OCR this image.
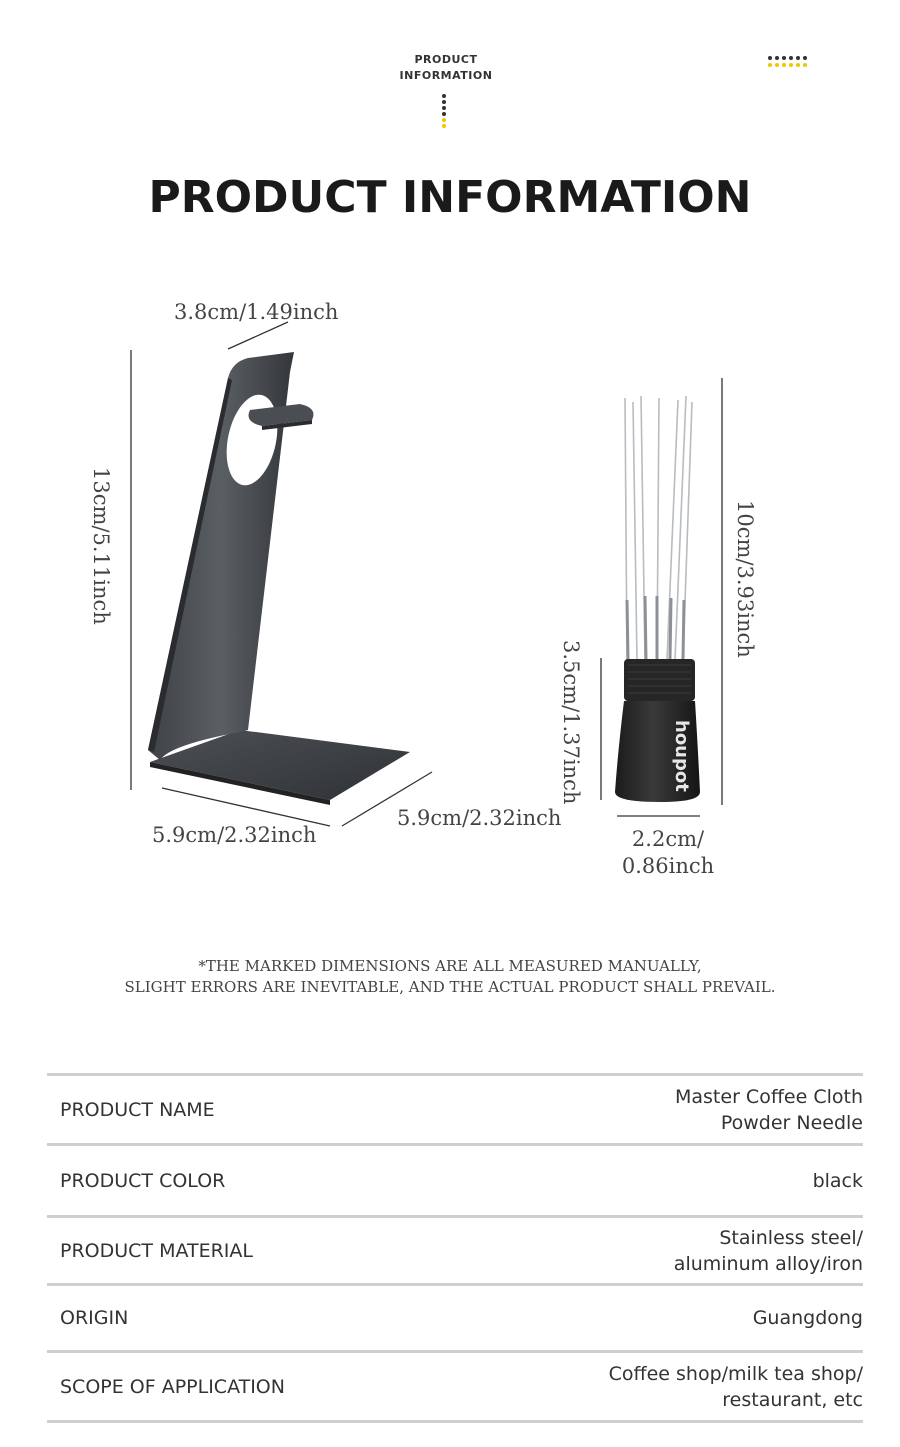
PRODUCT
INFORMATION
PRODUCT INFORMATION
houpot
3.8cm/1.49inch
13cm/5.11inch
5.9cm/2.32inch
5.9cm/2.32inch
10cm/3.93inch
3.5cm/1.37inch
2.2cm/
0.86inch
*THE MARKED DIMENSIONS ARE ALL MEASURED MANUALLY,
SLIGHT ERRORS ARE INEVITABLE, AND THE ACTUAL PRODUCT SHALL PREVAIL.
PRODUCT NAME
Master Coffee Cloth
Powder Needle
PRODUCT COLOR	black
PRODUCT MATERIAL
Stainless steel/
aluminum alloy/iron
ORIGIN	Guangdong
SCOPE OF APPLICATION
Coffee shop/milk tea shop/
restaurant, etc
